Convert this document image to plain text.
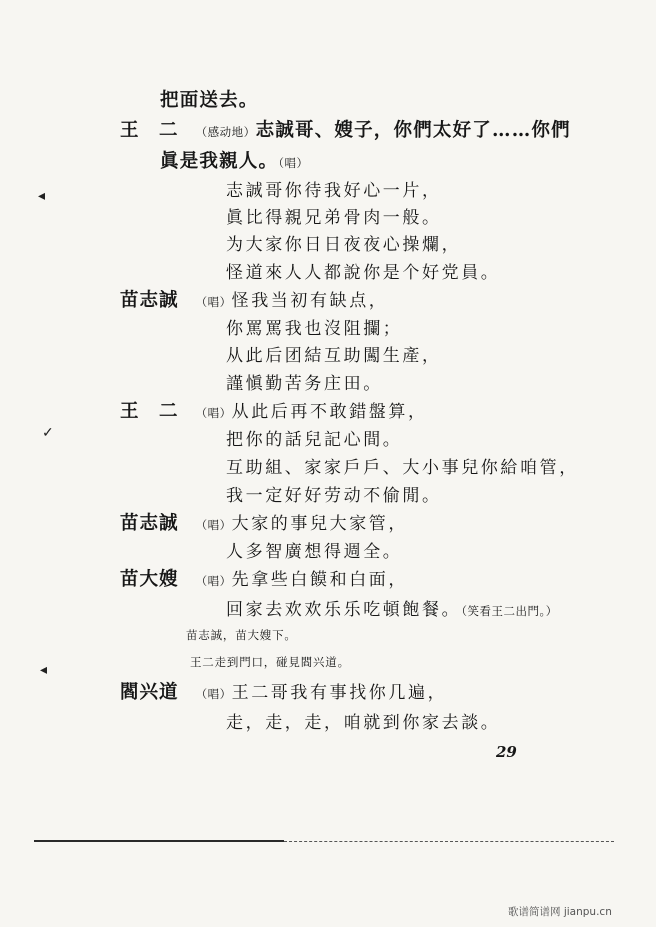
把面送去。
王　二 （感动地）志誠哥、嫂子，你們太好了……你們
眞是我親人。（唱）
志誠哥你待我好心一片，
眞比得親兄弟骨肉一般。
为大家你日日夜夜心操爛，
怪道來人人都說你是个好党員。
苗志誠 （唱）怪我当初有缺点，
你罵罵我也沒阻攔；
从此后团結互助闖生產，
謹愼勤苦务庄田。
王　二 （唱）从此后再不敢錯盤算，
把你的話兒記心間。
互助組、家家戶戶、大小事兒你給咱管，
我一定好好劳动不偷閒。
苗志誠 （唱）大家的事兒大家管，
人多智廣想得週全。
苗大嫂 （唱）先拿些白饃和白面，
回家去欢欢乐乐吃頓飽餐。（笑看王二出門。）
苗志誠，苗大嫂下。
王二走到門口，碰見閻兴道。
閻兴道 （唱）王二哥我有事找你几遍，
走，走，走，咱就到你家去談。
29
◂
✓
◂
歌谱简谱网 jianpu.cn
